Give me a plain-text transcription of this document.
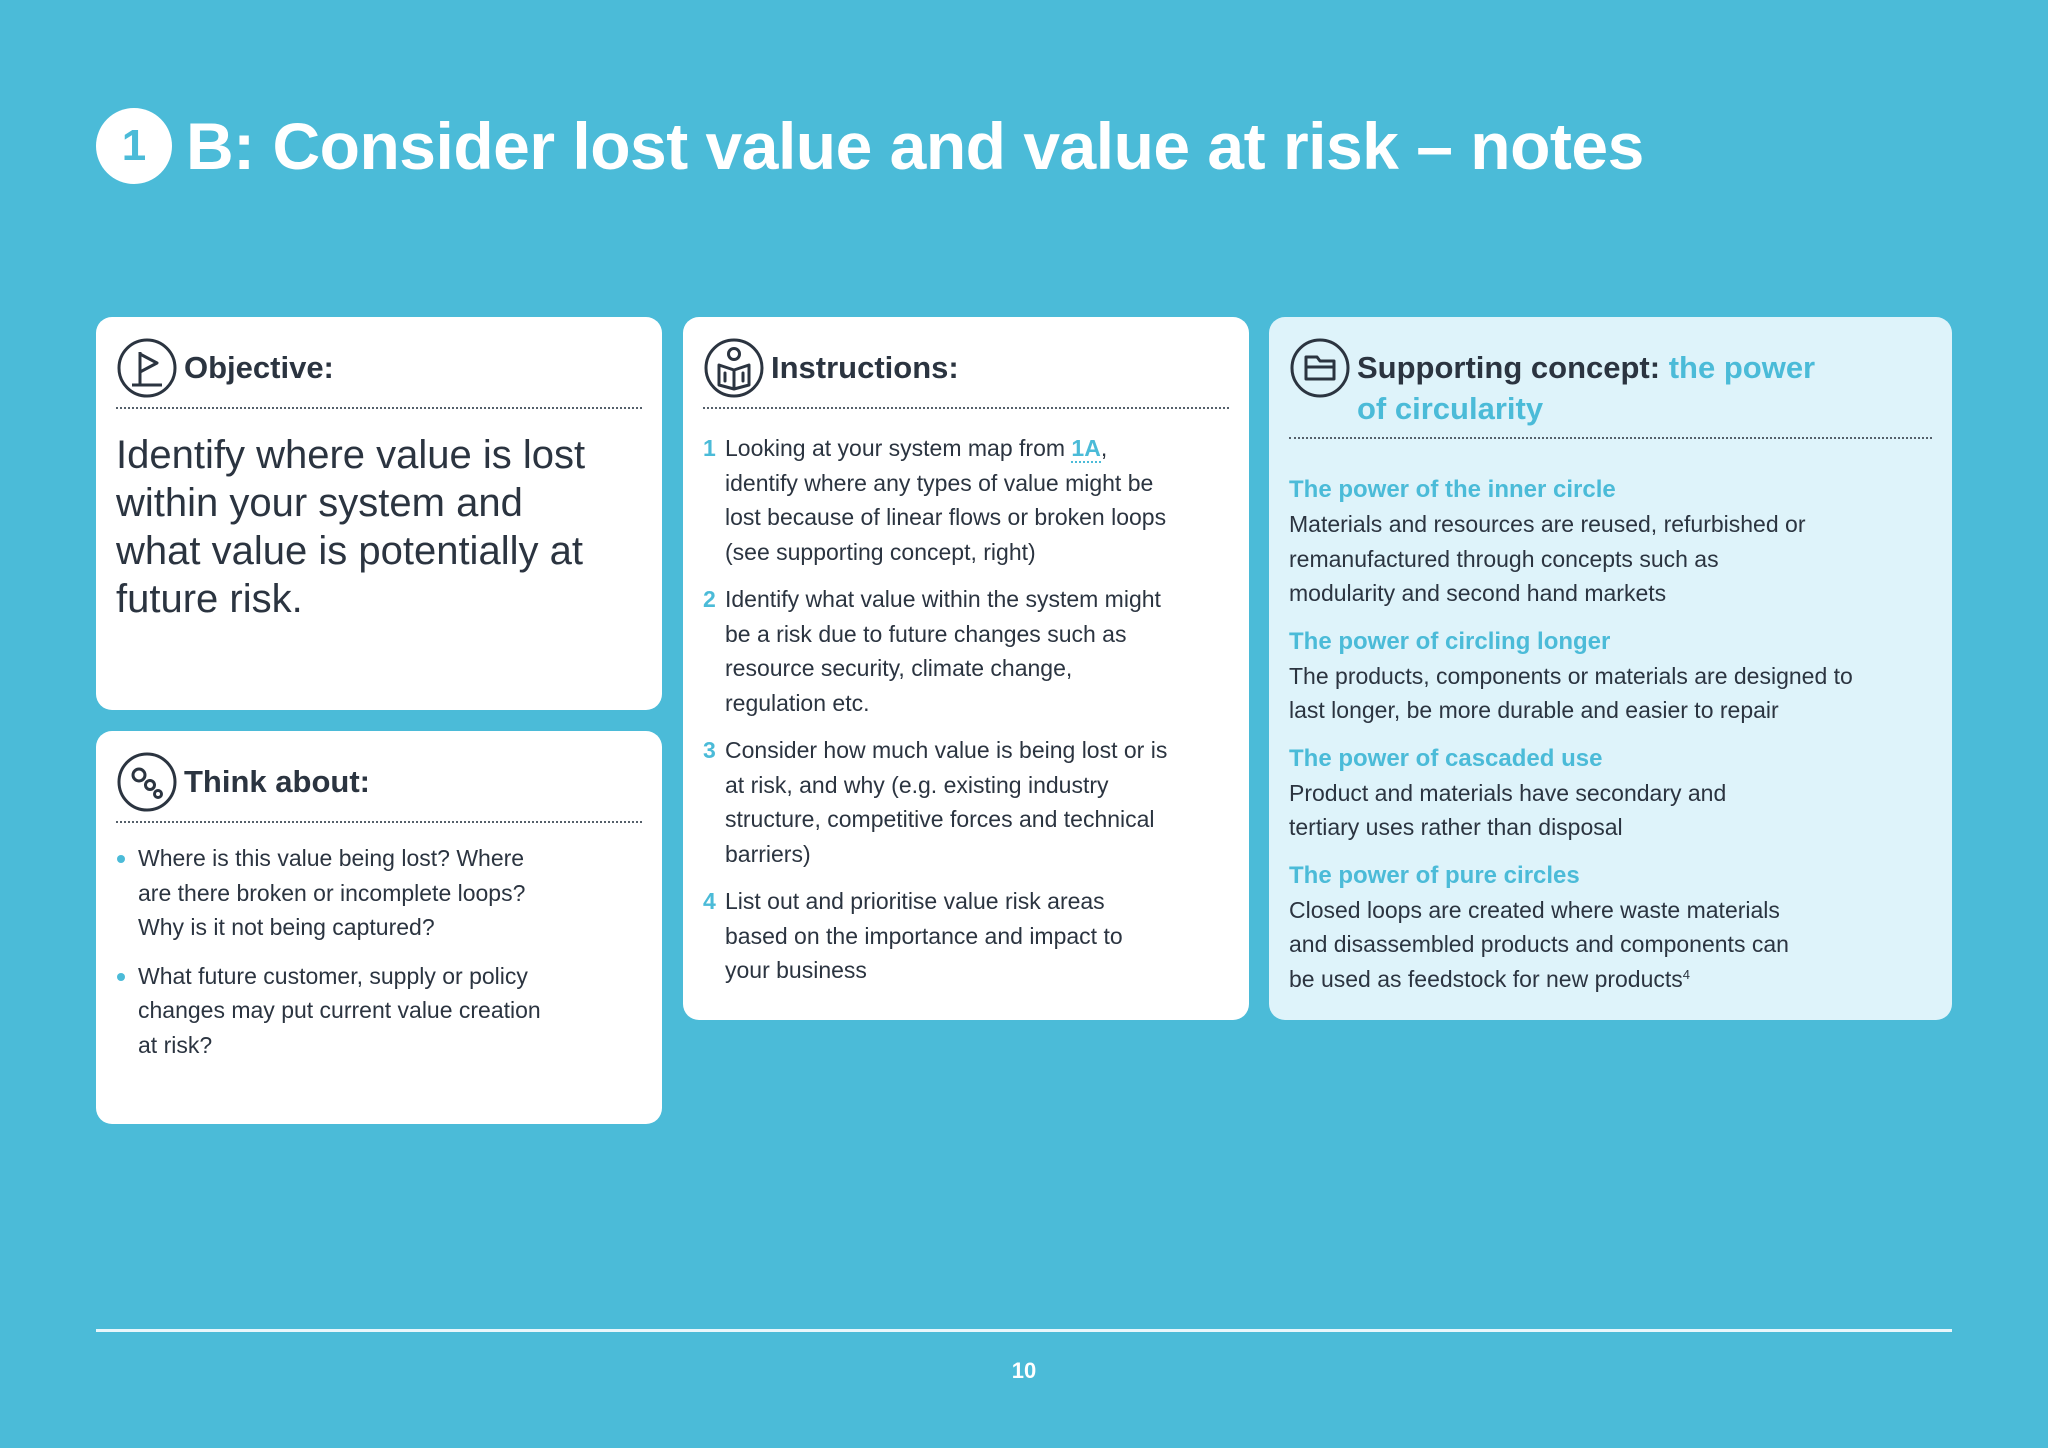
1 B: Consider lost value and value at risk – notes
Objective:
Identify where value is lost within your system and what value is potentially at future risk.
Think about:
Where is this value being lost? Where are there broken or incomplete loops? Why is it not being captured?
What future customer, supply or policy changes may put current value creation at risk?
Instructions:
1 Looking at your system map from 1A, identify where any types of value might be lost because of linear flows or broken loops (see supporting concept, right)
2 Identify what value within the system might be a risk due to future changes such as resource security, climate change, regulation etc.
3 Consider how much value is being lost or is at risk, and why (e.g. existing industry structure, competitive forces and technical barriers)
4 List out and prioritise value risk areas based on the importance and impact to your business
Supporting concept: the power
of circularity
The power of the inner circle
Materials and resources are reused, refurbished or remanufactured through concepts such as modularity and second hand markets
The power of circling longer
The products, components or materials are designed to last longer, be more durable and easier to repair
The power of cascaded use
Product and materials have secondary and tertiary uses rather than disposal
The power of pure circles
Closed loops are created where waste materials and disassembled products and components can be used as feedstock for new products$^4$
10
